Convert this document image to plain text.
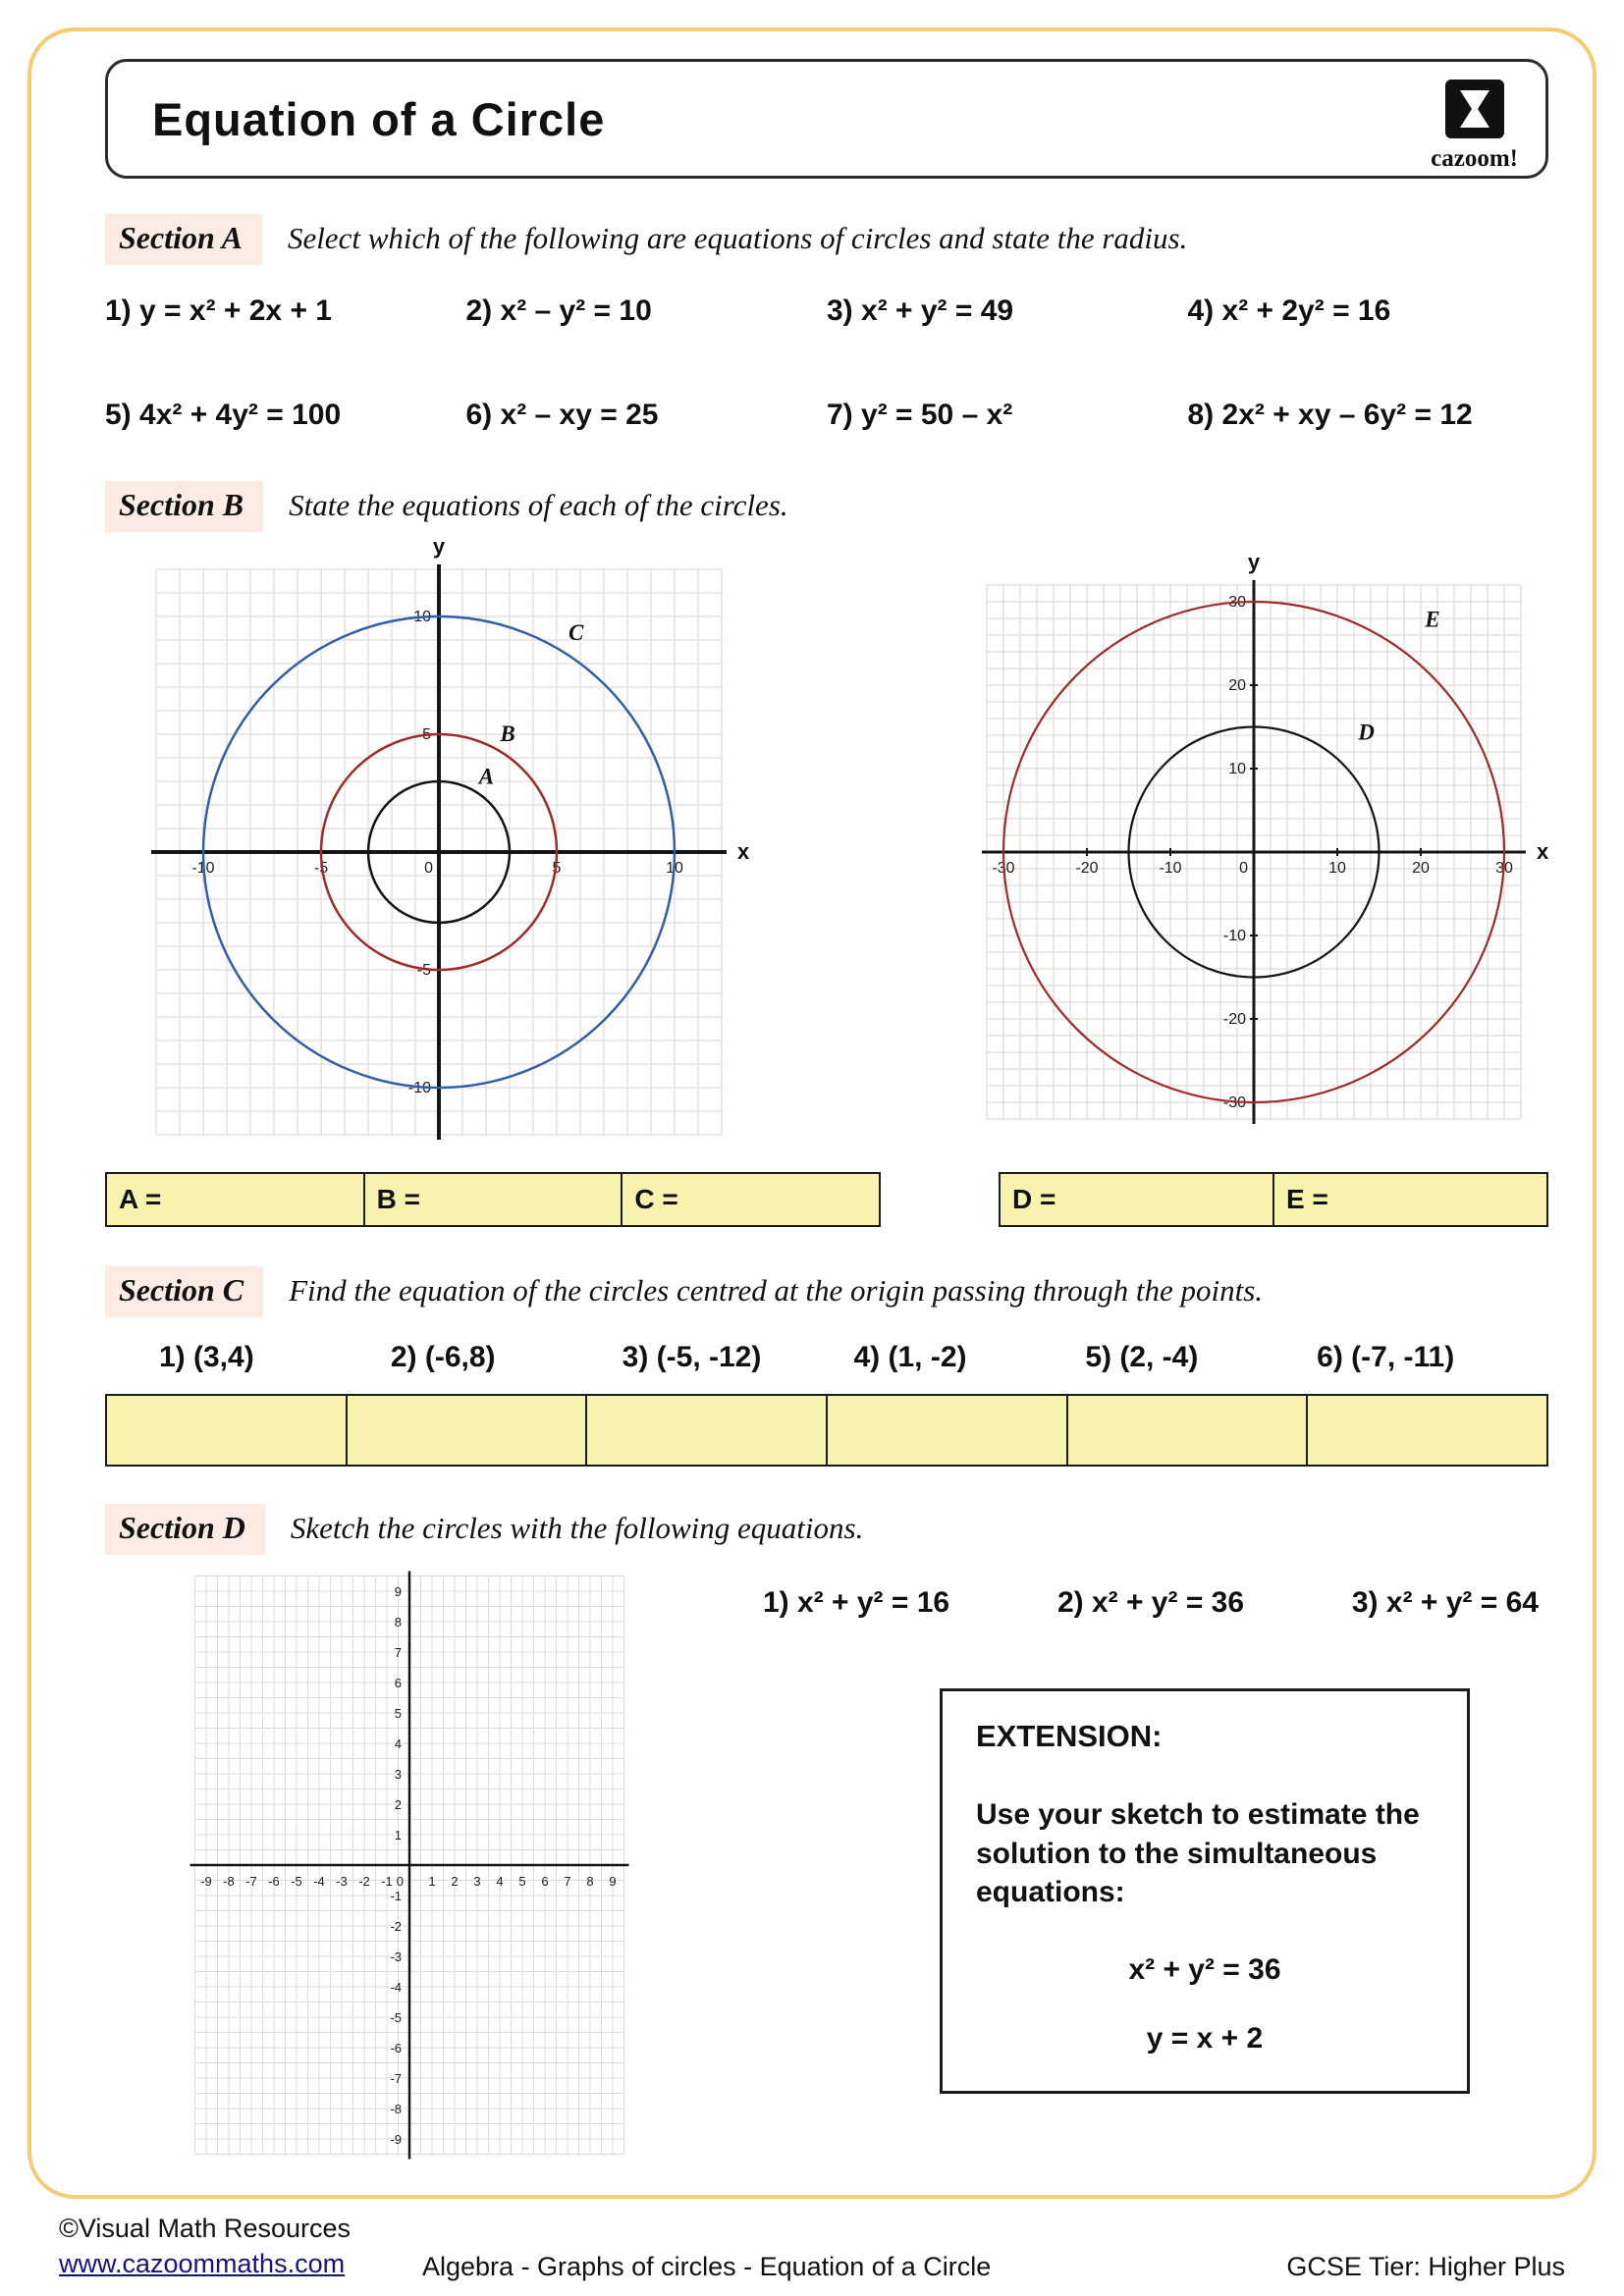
Equation of a Circle
cazoom!
Section A	Select which of the following are equations of circles and state the radius.
1) y = x² + 2x + 1	2) x² – y² = 10	3) x² + y² = 49	4) x² + 2y² = 16
5) 4x² + 4y² = 100	6) x² – xy = 25	7) y² = 50 – x²	8) 2x² + xy – 6y² = 12
Section B	State the equations of each of the circles.
x
y
-10	-5	0	5	10
10
5
-5
-10
A
B
C
x
y
-30	-20	-10	0	10	20	30
30
20
10
-10
-20
-30
D
E
A =	B =	C =	D =	E =
Section C	Find the equation of the circles centred at the origin passing through the points.
1) (3,4)	2) (-6,8)	3) (-5, -12)	4) (1, -2)	5) (2, -4)	6) (-7, -11)
Section D	Sketch the circles with the following equations.
-9 -8 -7 -6 -5 -4 -3 -2 -1 0 1 2 3 4 5 6 7 8 9
9
8
7
6
5
4
3
2
1
-1
-2
-3
-4
-5
-6
-7
-8
-9
1) x² + y² = 16	2) x² + y² = 36	3) x² + y² = 64
EXTENSION:
Use your sketch to estimate the solution to the simultaneous equations:
x² + y² = 36
y = x + 2
©Visual Math Resources
www.cazoommaths.com	Algebra - Graphs of circles - Equation of a Circle	GCSE Tier: Higher Plus
